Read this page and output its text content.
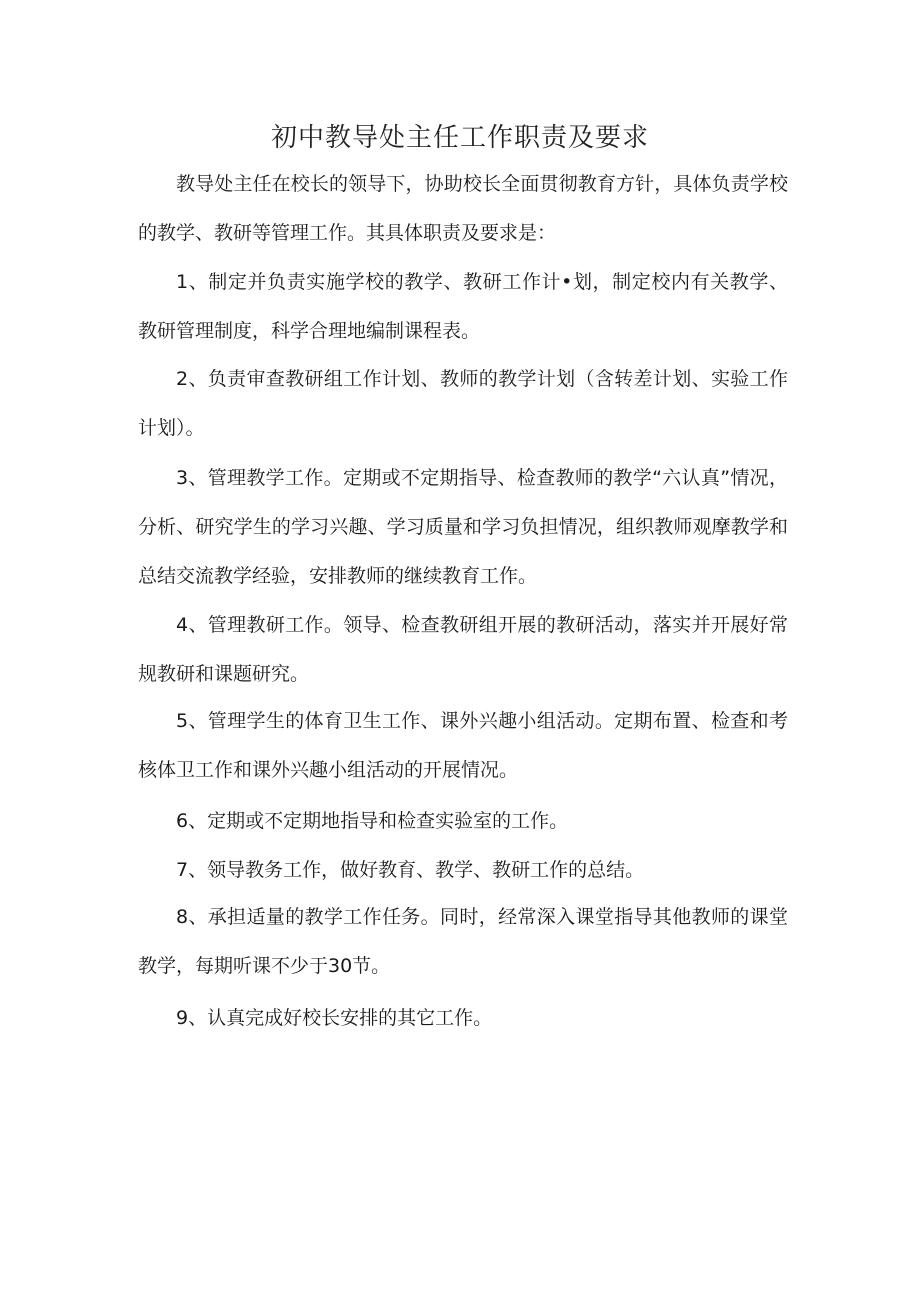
初中教导处主任工作职责及要求

教导处主任在校长的领导下，协助校长全面贯彻教育方针，具体负责学校的教学、教研等管理工作。其具体职责及要求是：

1、制定并负责实施学校的教学、教研工作计•划，制定校内有关教学、教研管理制度，科学合理地编制课程表。

2、负责审查教研组工作计划、教师的教学计划（含转差计划、实验工作计划）。

3、管理教学工作。定期或不定期指导、检查教师的教学“六认真”情况，分析、研究学生的学习兴趣、学习质量和学习负担情况，组织教师观摩教学和总结交流教学经验，安排教师的继续教育工作。

4、管理教研工作。领导、检查教研组开展的教研活动，落实并开展好常规教研和课题研究。

5、管理学生的体育卫生工作、课外兴趣小组活动。定期布置、检查和考核体卫工作和课外兴趣小组活动的开展情况。

6、定期或不定期地指导和检查实验室的工作。

7、领导教务工作，做好教育、教学、教研工作的总结。

8、承担适量的教学工作任务。同时，经常深入课堂指导其他教师的课堂教学，每期听课不少于30节。

9、认真完成好校长安排的其它工作。
